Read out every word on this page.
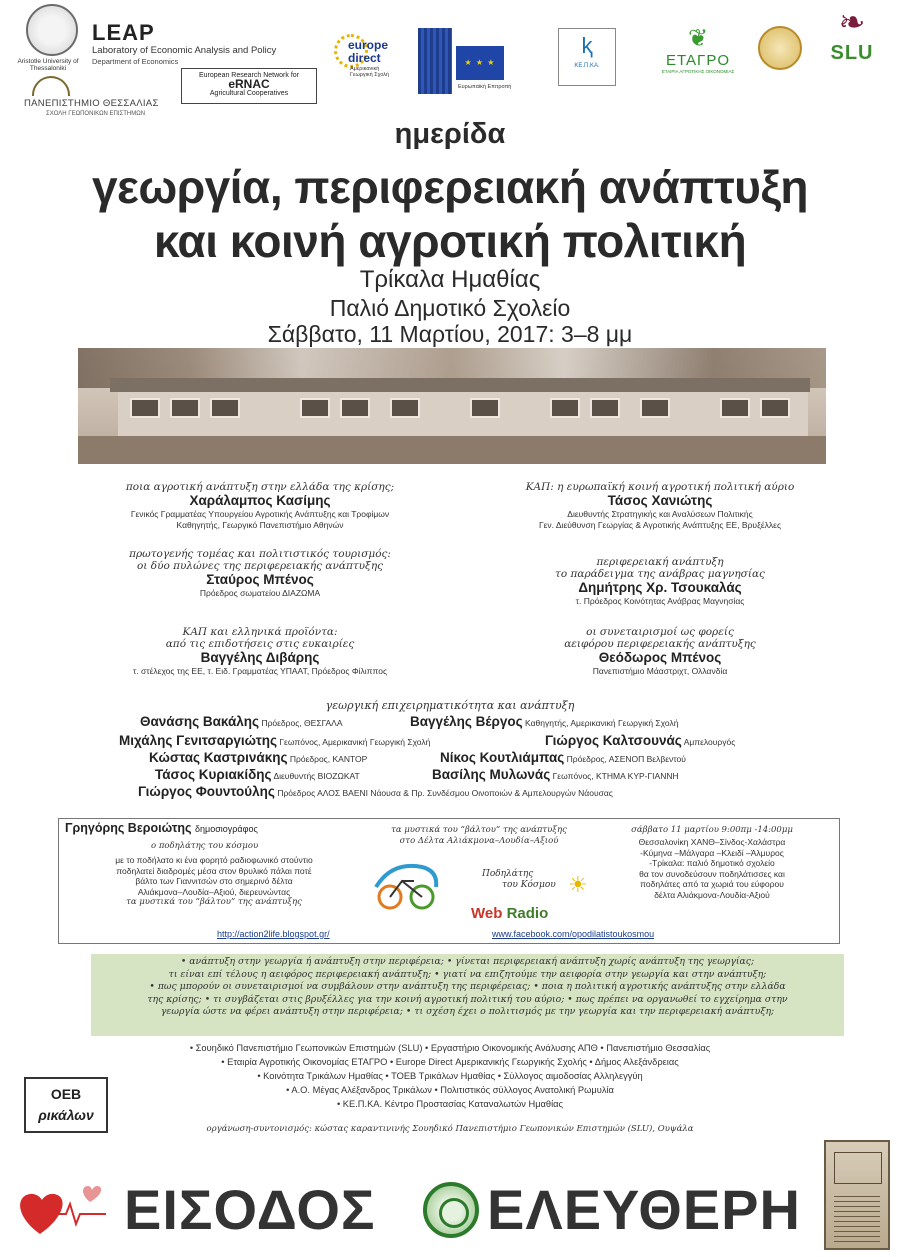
Aristotle University of Thessaloniki
LEAP
Laboratory of Economic Analysis and Policy
Department of Economics
European Research Network for
eRNAC
Agricultural Cooperatives
ΠΑΝΕΠΙΣΤΗΜΙΟ ΘΕΣΣΑΛΙΑΣ
ΣΧΟΛΗ ΓΕΩΠΟΝΙΚΩΝ ΕΠΙΣΤΗΜΩΝ
europe
direct
Αμερικανική Γεωργική Σχολή
★ ★ ★
Ευρωπαϊκή Επιτροπή
ⱪ
ΚΕ.Π.ΚΑ.
❦
ΕΤΑΓΡΟ
ΕΤΑΙΡΙΑ ΑΓΡΟΤΙΚΗΣ ΟΙΚΟΝΟΜΙΑΣ
❧
SLU
ημερίδα
γεωργία, περιφερειακή ανάπτυξη
και κοινή αγροτική πολιτική
Τρίκαλα Ημαθίας
Παλιό Δημοτικό Σχολείο
Σάββατο, 11 Μαρτίου, 2017: 3–8 μμ
ποια αγροτική ανάπτυξη στην ελλάδα της κρίσης;
Χαράλαμπος Κασίμης
Γενικός Γραμματέας Υπουργείου Αγροτικής Ανάπτυξης και Τροφίμων
Καθηγητής, Γεωργικό Πανεπιστήμιο Αθηνών
πρωτογενής τομέας και πολιτιστικός τουρισμός:
οι δύο πυλώνες της περιφερειακής ανάπτυξης
Σταύρος Μπένος
Πρόεδρος σωματείου ΔΙΑΖΩΜΑ
ΚΑΠ και ελληνικά προϊόντα:
από τις επιδοτήσεις στις ευκαιρίες
Βαγγέλης Διβάρης
τ. στέλεχος της ΕΕ, τ. Ειδ. Γραμματέας ΥΠΑΑΤ, Πρόεδρος Φίλιππος
ΚΑΠ: η ευρωπαϊκή κοινή αγροτική πολιτική αύριο
Τάσος Χανιώτης
Διευθυντής Στρατηγικής και Αναλύσεων Πολιτικής
Γεν. Διεύθυνση Γεωργίας & Αγροτικής Ανάπτυξης ΕΕ, Βρυξέλλες
περιφερειακή ανάπτυξη
το παράδειγμα της ανάβρας μαγνησίας
Δημήτρης Χρ. Τσουκαλάς
τ. Πρόεδρος Κοινότητας Ανάβρας Μαγνησίας
οι συνεταιρισμοί ως φορείς
αειφόρου περιφερειακής ανάπτυξης
Θεόδωρος Μπένος
Πανεπιστήμιο Μάαστριχτ, Ολλανδία
γεωργική επιχειρηματικότητα και ανάπτυξη
Θανάσης Βακάλης Πρόεδρος, ΘΕΣΓΑΛΑ	Βαγγέλης Βέργος Καθηγητής, Αμερικανική Γεωργική Σχολή
Μιχάλης Γενιτσαργιώτης Γεωπόνος, Αμερικανική Γεωργική Σχολή	Γιώργος Καλτσουνάς Αμπελουργός
Κώστας Καστρινάκης Πρόεδρος, ΚΑΝΤΟΡ	Νίκος Κουτλιάμπας Πρόεδρος, ΑΣΕΝΟΠ Βελβεντού
Τάσος Κυριακίδης Διευθυντής ΒΙΟΖΩΚΑΤ	Βασίλης Μυλωνάς Γεωπόνος, ΚΤΗΜΑ ΚΥΡ-ΓΙΑΝΝΗ
Γιώργος Φουντούλης Πρόεδρος ΑΛΟΣ ΒΑΕΝΙ Νάουσα & Πρ. Συνδέσμου Οινοποιών & Αμπελουργών Νάουσας
Γρηγόρης Βεροιώτης δημοσιογράφος
ο ποδηλάτης του κόσμου
με το ποδήλατο κι ένα φορητό ραδιοφωνικό στούντιο
ποδηλατεί διαδρομές μέσα στον θρυλικό πάλαι ποτέ
βάλτο των Γιαννιτσών στο σημερινό δέλτα
Αλιάκμονα–Λουδία–Αξιού, διερευνώντας
τα μυστικά του “βάλτου” της ανάπτυξης
τα μυστικά του “βάλτου” της ανάπτυξης
στο Δέλτα Αλιάκμονα–Λουδία–Αξιού
Ποδηλάτης
του Κόσμου ☀
Web Radio
σάββατο 11 μαρτίου 9:00πμ -14:00μμ
Θεσσαλονίκη ΧΑΝΘ–Σίνδος-Χαλάστρα
-Κύμηνα –Μάλγαρα –Κλειδί –Άλμυρος
-Τρίκαλα: παλιό δημοτικό σχολείο
θα τον συνοδεύσουν ποδηλάτισσες και
ποδηλάτες από τα χωριά του εύφορου
δέλτα Αλιάκμονα-Λουδία-Αξιού
http://action2life.blogspot.gr/	www.facebook.com/opodilatistoukosmou

• ανάπτυξη στην γεωργία ή ανάπτυξη στην περιφέρεια; • γίνεται περιφερειακή ανάπτυξη χωρίς ανάπτυξη της γεωργίας;

τι είναι επί τέλους η αειφόρος περιφερειακή ανάπτυξη; • γιατί να επιζητούμε την αειφορία στην γεωργία και στην ανάπτυξη;

• πως μπορούν οι συνεταιρισμοί να συμβάλουν στην ανάπτυξη της περιφέρειας; • ποια η πολιτική αγροτικής ανάπτυξης στην ελλάδα

της κρίσης; • τι συγβάζεται στις βρυξέλλες για την κοινή αγροτική πολιτική του αύριο; • πως πρέπει να οργανωθεί το εγχείρημα στην

γεωργία ώστε να φέρει ανάπτυξη στην περιφέρεια; • τι σχέση έχει ο πολιτισμός με την γεωργία και την περιφερειακή ανάπτυξη;

• Σουηδικό Πανεπιστήμιο Γεωπονικών Επιστημών (SLU) • Εργαστήριο Οικονομικής Ανάλυσης ΑΠΘ • Πανεπιστήμιο Θεσσαλίας
• Εταιρία Αγροτικής Οικονομίας ΕΤΑΓΡΟ • Europe Direct Αμερικανικής Γεωργικής Σχολής • Δήμος Αλεξάνδρειας
• Κοινότητα Τρικάλων Ημαθίας • ΤΟΕΒ Τρικάλων Ημαθίας • Σύλλογος αιμοδοσίας Αλληλεγγύη
• Α.Ο. Μέγας Αλέξανδρος Τρικάλων • Πολιτιστικός σύλλογος Ανατολική Ρωμυλία
• ΚΕ.Π.ΚΑ. Κέντρο Προστασίας Καταναλωτών Ημαθίας
ΟΕΒ
ρικάλων
οργάνωση-συντονισμός: κώστας καραντινινής Σουηδικό Πανεπιστήμιο Γεωπονικών Επιστημών (SLU), Ουψάλα
ΕΙΣΟΔΟΣ ΕΛΕΥΘΕΡΗ
